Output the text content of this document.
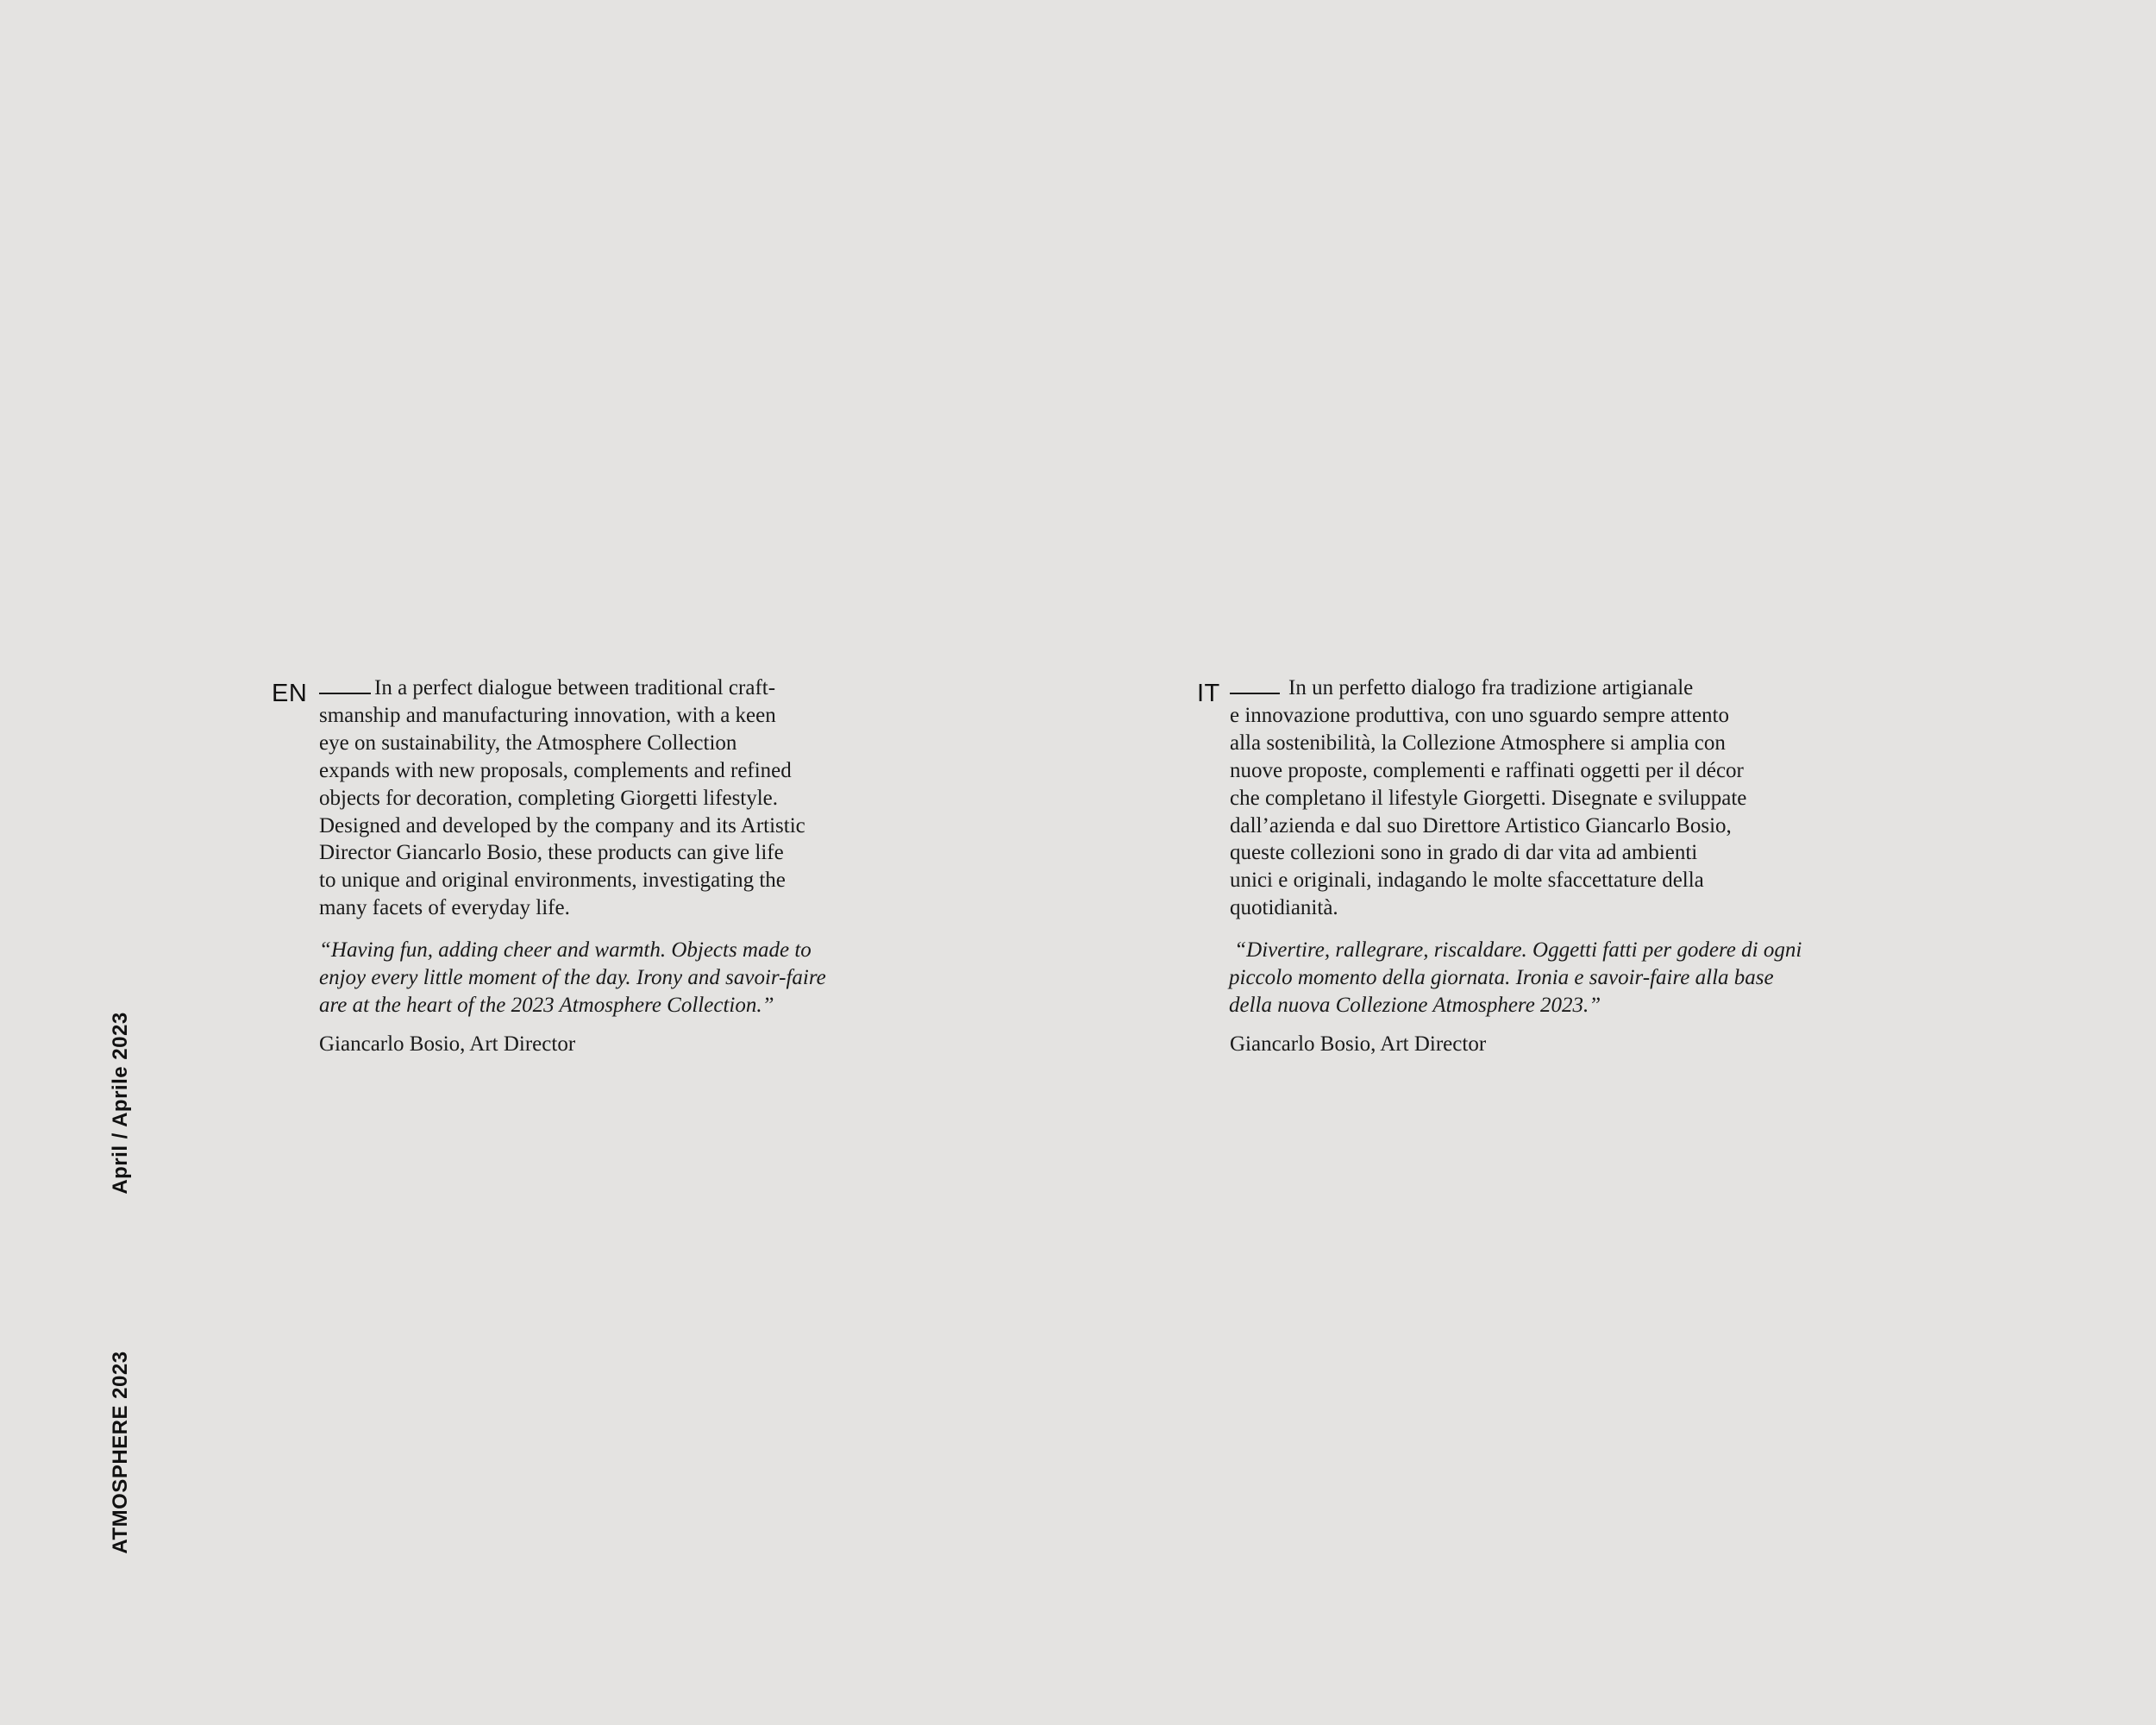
April / Aprile 2023
ATMOSPHERE 2023
EN	In a perfect dialogue between traditional craft-
smanship and manufacturing innovation, with a keen
eye on sustainability, the Atmosphere Collection
expands with new proposals, complements and refined
objects for decoration, completing Giorgetti lifestyle.
Designed and developed by the company and its Artistic
Director Giancarlo Bosio, these products can give life
to unique and original environments, investigating the
many facets of everyday life.

“Having fun, adding cheer and warmth. Objects made to
enjoy every little moment of the day. Irony and savoir-faire
are at the heart of the 2023 Atmosphere Collection.”

Giancarlo Bosio, Art Director

IT	In un perfetto dialogo fra tradizione artigianale
e innovazione produttiva, con uno sguardo sempre attento
alla sostenibilità, la Collezione Atmosphere si amplia con
nuove proposte, complementi e raffinati oggetti per il décor
che completano il lifestyle Giorgetti. Disegnate e sviluppate
dall’azienda e dal suo Direttore Artistico Giancarlo Bosio,
queste collezioni sono in grado di dar vita ad ambienti
unici e originali, indagando le molte sfaccettature della
quotidianità.

“Divertire, rallegrare, riscaldare. Oggetti fatti per godere di ogni
piccolo momento della giornata. Ironia e savoir-faire alla base
della nuova Collezione Atmosphere 2023.”

Giancarlo Bosio, Art Director
